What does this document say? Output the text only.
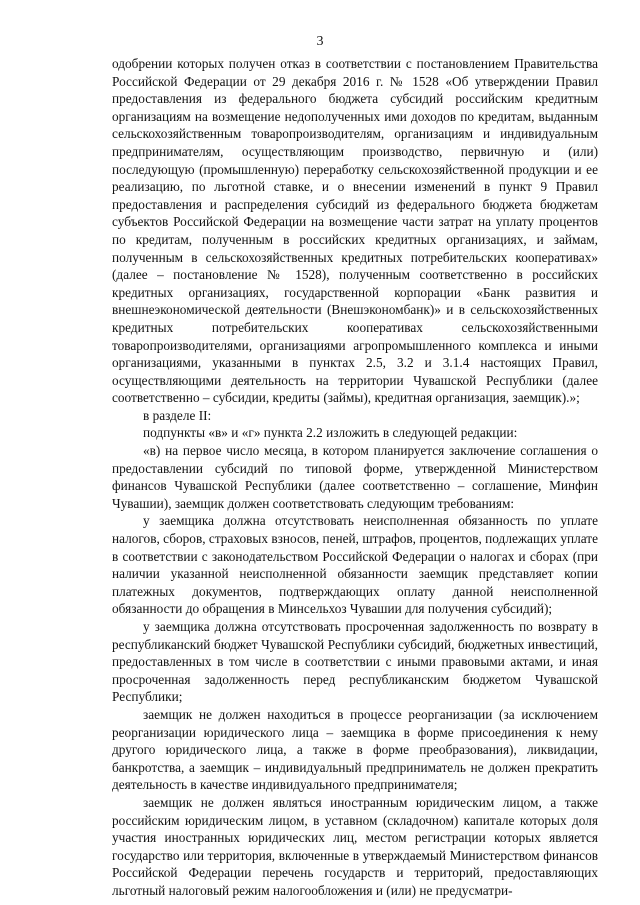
3

одобрении которых получен отказ в соответствии с постановлением Правительства Российской Федерации от 29 декабря 2016 г. № 1528 «Об утверждении Правил предоставления из федерального бюджета субсидий российским кредитным организациям на возмещение недополученных ими доходов по кредитам, выданным сельскохозяйственным товаропроизводителям, организациям и индивидуальным предпринимателям, осуществляющим производство, первичную и (или) последующую (промышленную) переработку сельскохозяйственной продукции и ее реализацию, по льготной ставке, и о внесении изменений в пункт 9 Правил предоставления и распределения субсидий из федерального бюджета бюджетам субъектов Российской Федерации на возмещение части затрат на уплату процентов по кредитам, полученным в российских кредитных организациях, и займам, полученным в сельскохозяйственных кредитных потребительских кооперативах» (далее – постановление № 1528), полученным соответственно в российских кредитных организациях, государственной корпорации «Банк развития и внешнеэкономической деятельности (Внешэкономбанк)» и в сельскохозяйственных кредитных потребительских кооперативах сельскохозяйственными товаропроизводителями, организациями агропромышленного комплекса и иными организациями, указанными в пунктах 2.5, 3.2 и 3.1.4 настоящих Правил, осуществляющими деятельность на территории Чувашской Республики (далее соответственно – субсидии, кредиты (займы), кредитная организация, заемщик).»;

в разделе II:

подпункты «в» и «г» пункта 2.2 изложить в следующей редакции:

«в) на первое число месяца, в котором планируется заключение соглашения о предоставлении субсидий по типовой форме, утвержденной Министерством финансов Чувашской Республики (далее соответственно – соглашение, Минфин Чувашии), заемщик должен соответствовать следующим требованиям:

у заемщика должна отсутствовать неисполненная обязанность по уплате налогов, сборов, страховых взносов, пеней, штрафов, процентов, подлежащих уплате в соответствии с законодательством Российской Федерации о налогах и сборах (при наличии указанной неисполненной обязанности заемщик представляет копии платежных документов, подтверждающих оплату данной неисполненной обязанности до обращения в Минсельхоз Чувашии для получения субсидий);

у заемщика должна отсутствовать просроченная задолженность по возврату в республиканский бюджет Чувашской Республики субсидий, бюджетных инвестиций, предоставленных в том числе в соответствии с иными правовыми актами, и иная просроченная задолженность перед республиканским бюджетом Чувашской Республики;

заемщик не должен находиться в процессе реорганизации (за исключением реорганизации юридического лица – заемщика в форме присоединения к нему другого юридического лица, а также в форме преобразования), ликвидации, банкротства, а заемщик – индивидуальный предприниматель не должен прекратить деятельность в качестве индивидуального предпринимателя;

заемщик не должен являться иностранным юридическим лицом, а также российским юридическим лицом, в уставном (складочном) капитале которых доля участия иностранных юридических лиц, местом регистрации которых является государство или территория, включенные в утверждаемый Министерством финансов Российской Федерации перечень государств и территорий, предоставляющих льготный налоговый режим налогообложения и (или) не предусматри-
